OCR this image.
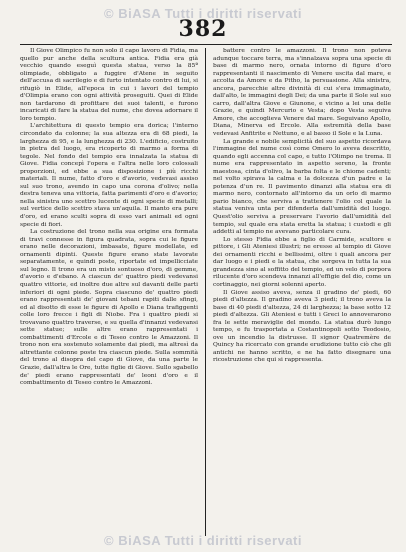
© BiASA Tutti i diritti riservati
382

Il Giove Olimpico fu non solo il capo lavoro di Fidia, ma quello pur anche della scultura antica. Fidia era già vecchio quando eseguì questa statua, verso la 85ª olimpiade, obbligato a fuggire d'Atene in seguito dell'accusa di sacrilegio e di furto intentato contro di lui, si rifugiò in Elide, all'epoca in cui i lavori del tempio d'Olimpia erano con ogni attività proseguiti. Quei di Elide non tardarono di profittare dei suoi talenti, e furono incaricati di fare la statua del nume, che dovea adornare il loro tempio.

L'architettura di questo tempio era dorica; l'interno circondato da colonne; la sua altezza era di 68 piedi, la larghezza di 95, e la lunghezza di 230. L'edificio, costruito in pietra del luogo, era ricoperto di marmo a forma di tegole. Nel fondo del tempio era innalzata la statua di Giove. Fidia concepì l'opera e l'altra nelle loro colossali proporzioni, ed ebbe a sua disposizione i più ricchi materiali. Il nume, fatto d'oro e d'avorio, vedevasi assiso sul suo trono, avendo in capo una corona d'olivo; nella destra teneva una vittoria, fatta parimenti d'oro e d'avorio; nella sinistra uno scettro lucente di ogni specie di metalli; sul vertice dello scettro stava un'aquila. Il manto era pure d'oro, ed erano sculti sopra di esso vari animali ed ogni specie di fiori.

La costruzione del trono nella sua origine era formata di travi connesse in figura quadrata, sopra cui le figure erano nelle decorazioni, imbasate, figure modellate, ed ornamenti dipinti. Queste figure erano state lavorate separatamente, e quindi poste, riportate ed impellicciate sul legno. Il trono era un misto sontuoso d'oro, di gemme, d'avorio e d'ebano. A ciascun de' quattro piedi vedevansi quattro vittorie, ed inoltre due altre sul davanti delle parti inferiori di ogni piede. Sopra ciascuno de' quattro piedi erano rappresentati de' giovani tebani rapiti dalle sfingi, ed al disotto di esse le figure di Apollo e Diana trafiggenti colle loro frecce i figli di Niobe. Fra i quattro piedi si trovavano quattro traverse, e su quella d'innanzi vedevansi sette statue; sulle altre erano rappresentati i combattimenti d'Ercole e di Teseo contro le Amazzoni. Il trono non era sostenuto solamente dai piedi, ma altresì da altrettante colonne poste tra ciascun piede. Sulla sommità del trono al disopra del capo di Giove, da una parte le Grazie, dall'altra le Ore, tutte figlie di Giove. Sullo sgabello de' piedi erano rappresentati de' leoni d'oro e il combattimento di Teseo contro le Amazzoni.

battere contro le amazzoni. Il trono non poteva adunque toccare terra, ma s'innalzava sopra una specie di base di marmo nero, ornata intorno di figure d'oro rappresentanti il nascimento di Venere uscita dal mare, e accolta da Amore e da Pitho, la persuasione. Alla sinistra, ancora, parecchie altre divinità di cui s'era immaginato, dall'alto, le immagini degli Dei; da una parte il Sole sul suo carro, dall'altra Giove e Giunone, e vicino a lei una delle Grazie, e quindi Mercurio e Vesta; dopo Vesta seguiva Amore, che accoglieva Venere dal mare. Seguivano Apollo, Diana, Minerva ed Ercole. Alla estremità della base vedevasi Anfitrite e Nettuno, e al basso il Sole e la Luna.

La grande e nobile semplicità del suo aspetto ricordava l'immagine del nume così come Omero lo aveva descritto, quando egli accenna col capo, e tutto l'Olimpo ne trema. Il nume era rappresentato in aspetto sereno, la fronte maestosa, cinta d'olivo, la barba folta e le chiome cadenti; nel volto spirava la calma e la dolcezza d'un padre e la potenza d'un re. Il pavimento dinanzi alla statua era di marmo nero, contornato all'intorno da un orlo di marmo pario bianco, che serviva a trattenere l'olio col quale la statua veniva unta per difenderla dall'umidità del luogo. Quest'olio serviva a preservare l'avorio dall'umidità del tempio, sul quale era stata eretta la statua; i custodi e gli addetti al tempio ne avevano particolare cura.

Lo stesso Fidia ebbe a figlio di Carmide, scultore e pittore, i Gli Ateniesi illustri; ne eresse al tempio di Giove dei ornamenti ricchi e bellissimi, oltre i quali ancora per dar luogo e i piedi e la statua, che sorgeva in tutta la sua grandezza sino al soffitto del tempio, ed un velo di porpora rilucente d'oro scendeva innanzi all'effigie del dio, come un cortinaggio, nei giorni solenni aperto.

Il Giove assiso aveva, senza il gradino de' piedi, 60 piedi d'altezza. Il gradino aveva 3 piedi; il trono aveva la base di 40 piedi d'altezza, 24 di larghezza; la base sotto 12 piedi d'altezza. Gli Ateniesi e tutti i Greci lo annoverarono fra le sette meraviglie del mondo. La statua durò lungo tempo, e fu trasportata a Costantinopoli sotto Teodosio, ove un incendio la distrusse. Il signor Quatremère de Quincy ha ricercato con grande erudizione tutto ciò che gli antichi ne hanno scritto, e ne ha fatto disegnare una ricostruzione che qui si rappresenta.

© BiASA Tutti i diritti riservati
